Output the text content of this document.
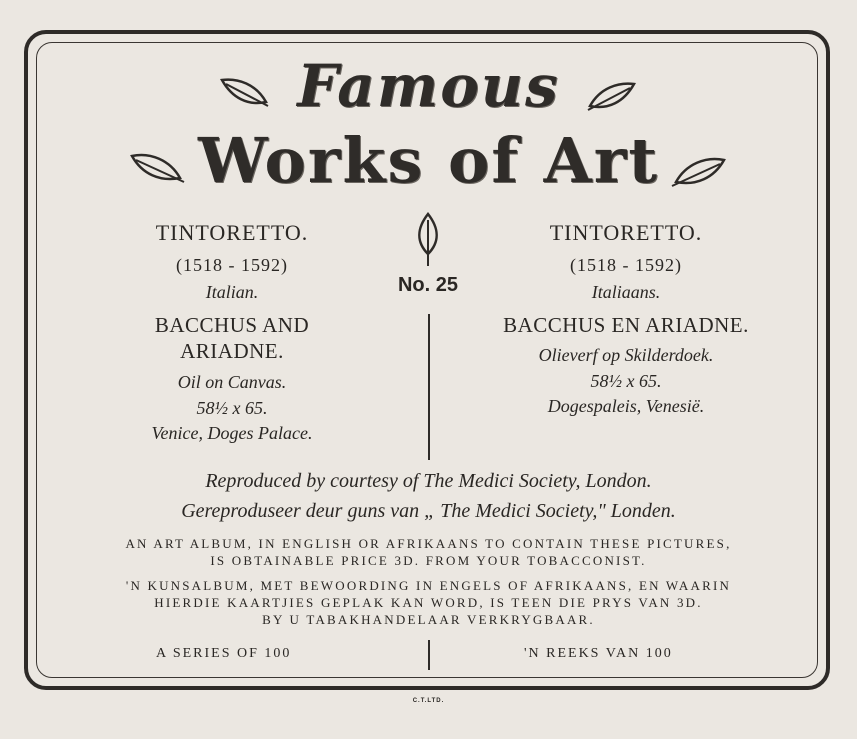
Famous
Works of Art
TINTORETTO.
(1518 - 1592)
Italian.
BACCHUS AND
ARIADNE.
Oil on Canvas.
58½ x 65.
Venice, Doges Palace.
No. 25
TINTORETTO.
(1518 - 1592)
Italiaans.
BACCHUS EN ARIADNE.
Olieverf op Skilderdoek.
58½ x 65.
Dogespaleis, Venesië.
Reproduced by courtesy of The Medici Society, London.
Gereproduseer deur guns van „ The Medici Society," Londen.
AN ART ALBUM, IN ENGLISH OR AFRIKAANS TO CONTAIN THESE PICTURES,
IS OBTAINABLE PRICE 3D. FROM YOUR TOBACCONIST.
'N KUNSALBUM, MET BEWOORDING IN ENGELS OF AFRIKAANS, EN WAARIN
HIERDIE KAARTJIES GEPLAK KAN WORD, IS TEEN DIE PRYS VAN 3D.
BY U TABAKHANDELAAR VERKRYGBAAR.
A SERIES OF 100	'N REEKS VAN 100
C.T.LTD.
